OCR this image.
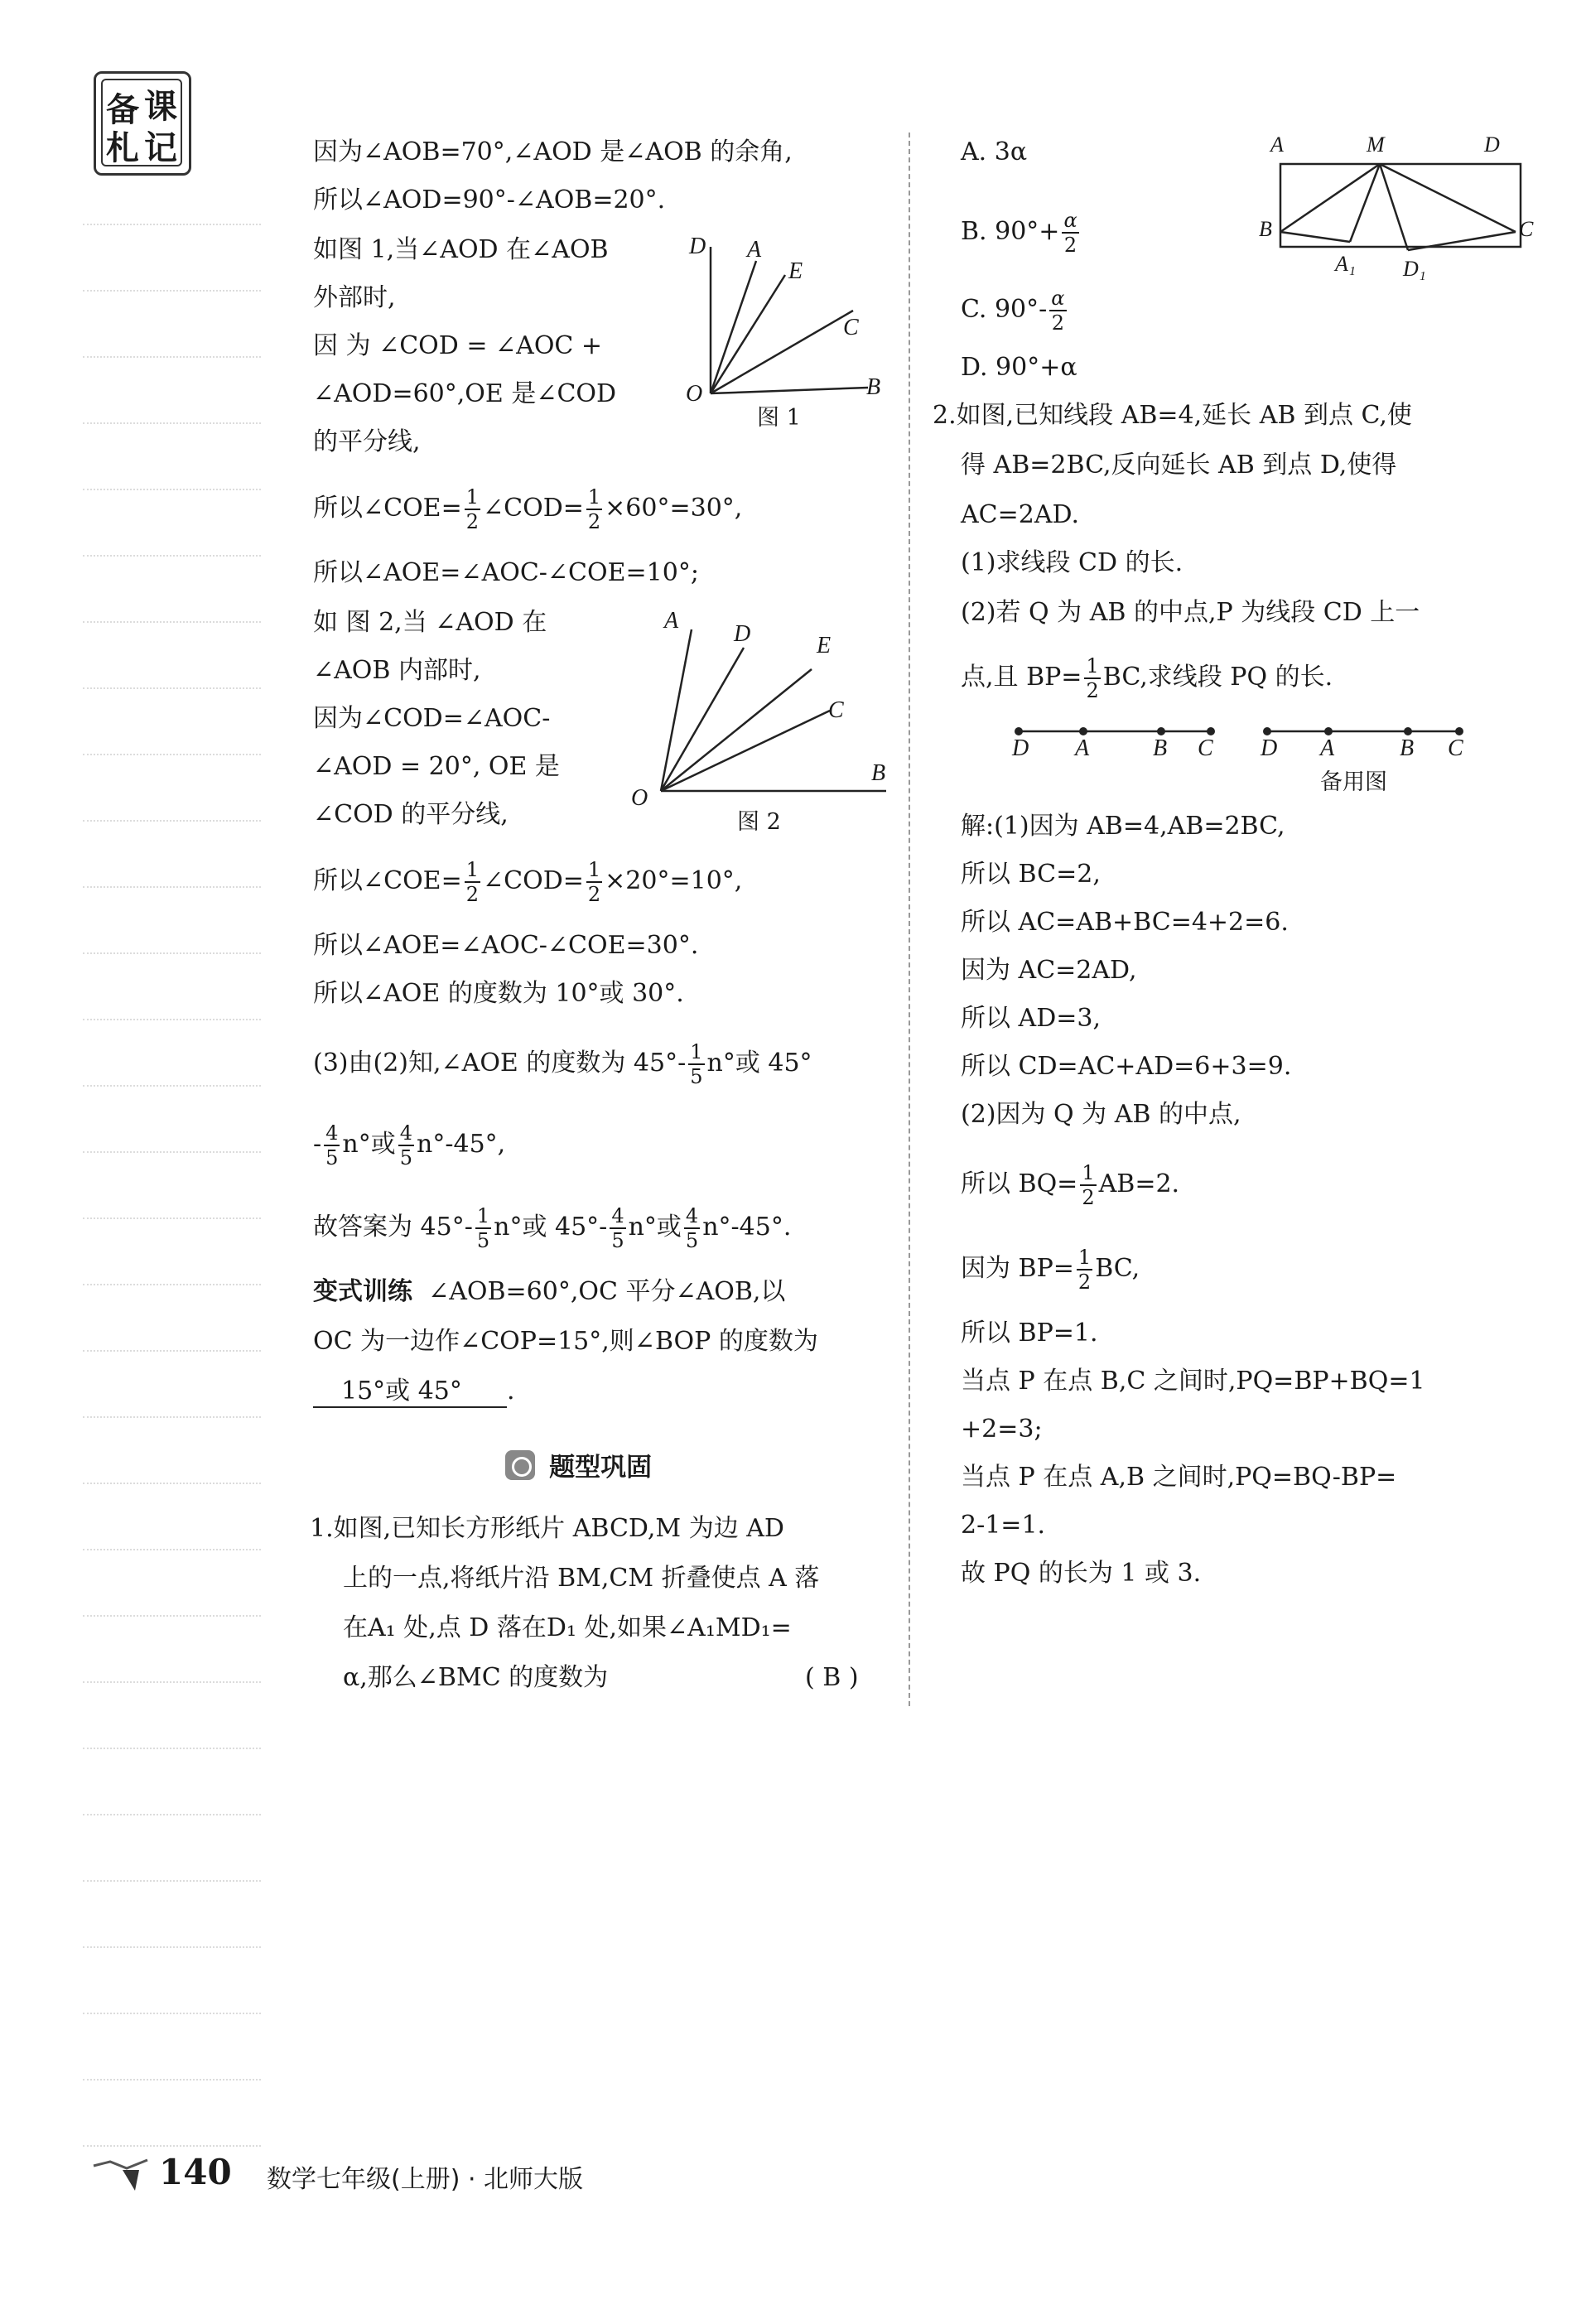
备 课
札 记	因为∠AOB=70°,∠AOD 是∠AOB 的余角,
所以∠AOD=90°-∠AOB=20°.
如图 1,当∠AOD 在∠AOB
外部时,
因 为 ∠COD = ∠AOC +
∠AOD=60°,OE 是∠COD
的平分线,
D A
E
C
O	B
图 1
所以∠COE= $\frac{1}{2}$ ∠COD= $\frac{1}{2} \times 60^\circ=30^\circ$,
所以∠AOE=∠AOC-∠COE=10°;
如 图 2,当 ∠AOD 在
∠AOB 内部时,
因为∠COD=∠AOC-
∠AOD = 20°, OE 是
∠COD 的平分线,
A
D	E
C
O
B
图 2
所以∠COE= $\frac{1}{2}$ ∠COD= $\frac{1}{2} \times 20^\circ=10^\circ$,
所以∠AOE=∠AOC-∠COE=30°.
所以∠AOE 的度数为 10°或 30°.
(3)由(2)知,∠AOE 的度数为 $45^\circ- \frac{1}{5} n^\circ$或 45°
- $\frac{4}{5} n^\circ$或 $\frac{4}{5} n^\circ-45^\circ$,
故答案为 $45^\circ- \frac{1}{5} n^\circ$或 $45^\circ- \frac{4}{5} n^\circ$或 $\frac{4}{5} n^\circ-45^\circ$.
变式训练 ∠AOB=60°,OC 平分∠AOB,以
OC 为一边作∠COP=15°,则∠BOP 的度数为
15°或 45° .
题型巩固
1.如图,已知长方形纸片 ABCD,M 为边 AD
上的一点,将纸片沿 BM,CM 折叠使点 A 落
在A₁ 处,点 D 落在D₁ 处,如果∠A₁MD₁=
α,那么∠BMC 的度数为	( B )
A. 3α
B. $90^\circ+ \frac{\alpha}{2}$
C. $90^\circ- \frac{\alpha}{2}$
D. 90°+α
A	M	D
B	C
A₁ D₁
2.如图,已知线段 AB=4,延长 AB 到点 C,使
得 AB=2BC,反向延长 AB 到点 D,使得
AC=2AD.
(1)求线段 CD 的长.
(2)若 Q 为 AB 的中点,P 为线段 CD 上一
点,且 $BP= \frac{1}{2}$ BC,求线段 PQ 的长.
D A	B C D A	B C
备用图
解:(1)因为 AB=4,AB=2BC,
所以 BC=2,
所以 AC=AB+BC=4+2=6.
因为 AC=2AD,
所以 AD=3,
所以 CD=AC+AD=6+3=9.
(2)因为 Q 为 AB 的中点,
所以 $BQ= \frac{1}{2} AB=2$.
因为 $BP= \frac{1}{2}$ BC,
所以 BP=1.
当点 P 在点 B,C 之间时,PQ=BP+BQ=1
+2=3;
当点 P 在点 A,B 之间时,PQ=BQ-BP=
2-1=1.
故 PQ 的长为 1 或 3.
140 数学七年级(上册) · 北师大版
